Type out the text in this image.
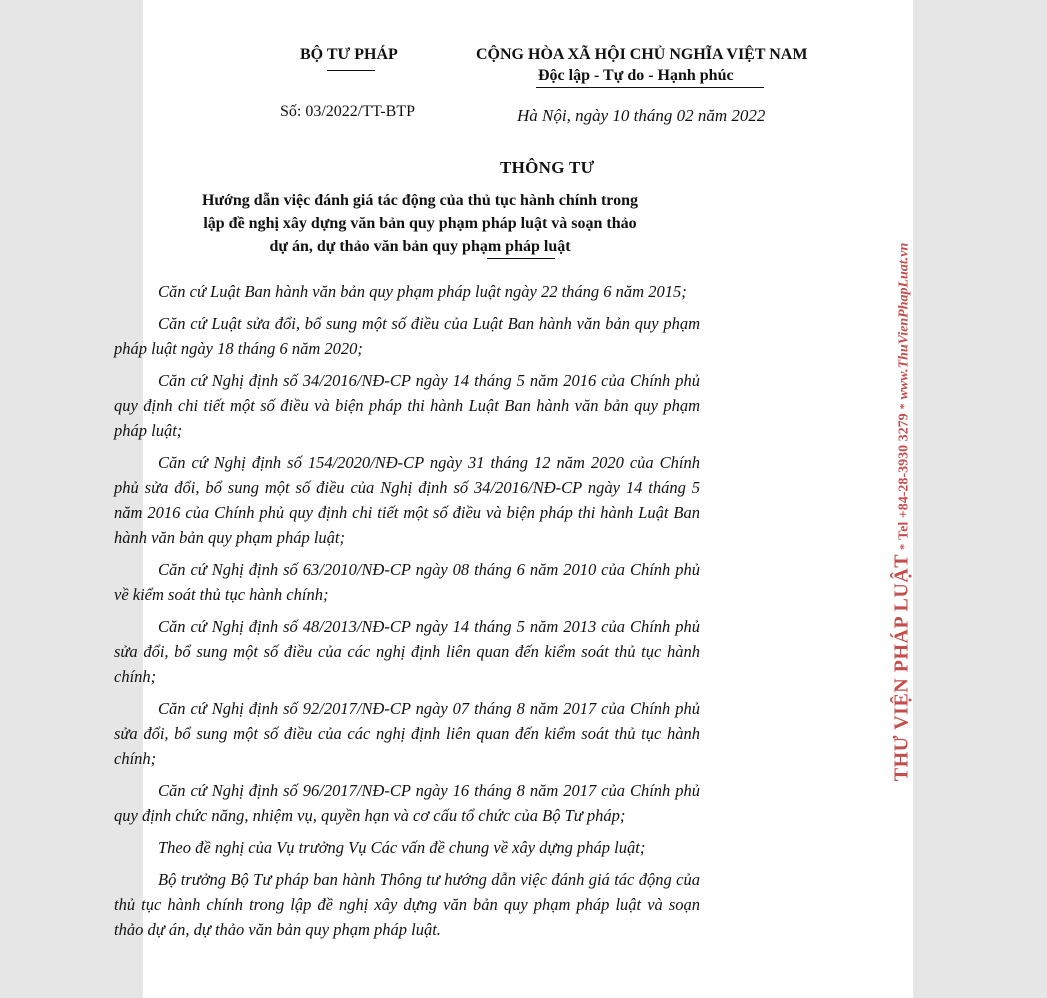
BỘ TƯ PHÁP	CỘNG HÒA XÃ HỘI CHỦ NGHĨA VIỆT NAM
Độc lập - Tự do - Hạnh phúc
Số: 03/2022/TT-BTP	Hà Nội, ngày 10 tháng 02 năm 2022
THÔNG TƯ
Hướng dẫn việc đánh giá tác động của thủ tục hành chính trong
lập đề nghị xây dựng văn bản quy phạm pháp luật và soạn thảo
dự án, dự thảo văn bản quy phạm pháp luật

Căn cứ Luật Ban hành văn bản quy phạm pháp luật ngày 22 tháng 6 năm 2015;

Căn cứ Luật sửa đổi, bổ sung một số điều của Luật Ban hành văn bản quy phạm pháp luật ngày 18 tháng 6 năm 2020;

Căn cứ Nghị định số 34/2016/NĐ-CP ngày 14 tháng 5 năm 2016 của Chính phủ quy định chi tiết một số điều và biện pháp thi hành Luật Ban hành văn bản quy phạm pháp luật;

Căn cứ Nghị định số 154/2020/NĐ-CP ngày 31 tháng 12 năm 2020 của Chính phủ sửa đổi, bổ sung một số điều của Nghị định số 34/2016/NĐ-CP ngày 14 tháng 5 năm 2016 của Chính phủ quy định chi tiết một số điều và biện pháp thi hành Luật Ban hành văn bản quy phạm pháp luật;

Căn cứ Nghị định số 63/2010/NĐ-CP ngày 08 tháng 6 năm 2010 của Chính phủ về kiểm soát thủ tục hành chính;

Căn cứ Nghị định số 48/2013/NĐ-CP ngày 14 tháng 5 năm 2013 của Chính phủ sửa đổi, bổ sung một số điều của các nghị định liên quan đến kiểm soát thủ tục hành chính;

Căn cứ Nghị định số 92/2017/NĐ-CP ngày 07 tháng 8 năm 2017 của Chính phủ sửa đổi, bổ sung một số điều của các nghị định liên quan đến kiểm soát thủ tục hành chính;

Căn cứ Nghị định số 96/2017/NĐ-CP ngày 16 tháng 8 năm 2017 của Chính phủ quy định chức năng, nhiệm vụ, quyền hạn và cơ cấu tổ chức của Bộ Tư pháp;

Theo đề nghị của Vụ trưởng Vụ Các vấn đề chung về xây dựng pháp luật;

Bộ trưởng Bộ Tư pháp ban hành Thông tư hướng dẫn việc đánh giá tác động của thủ tục hành chính trong lập đề nghị xây dựng văn bản quy phạm pháp luật và soạn thảo dự án, dự thảo văn bản quy phạm pháp luật.

THƯ VIỆN PHÁP LUẬT * Tel +84-28-3930 3279 * www.ThuVienPhapLuat.vn
